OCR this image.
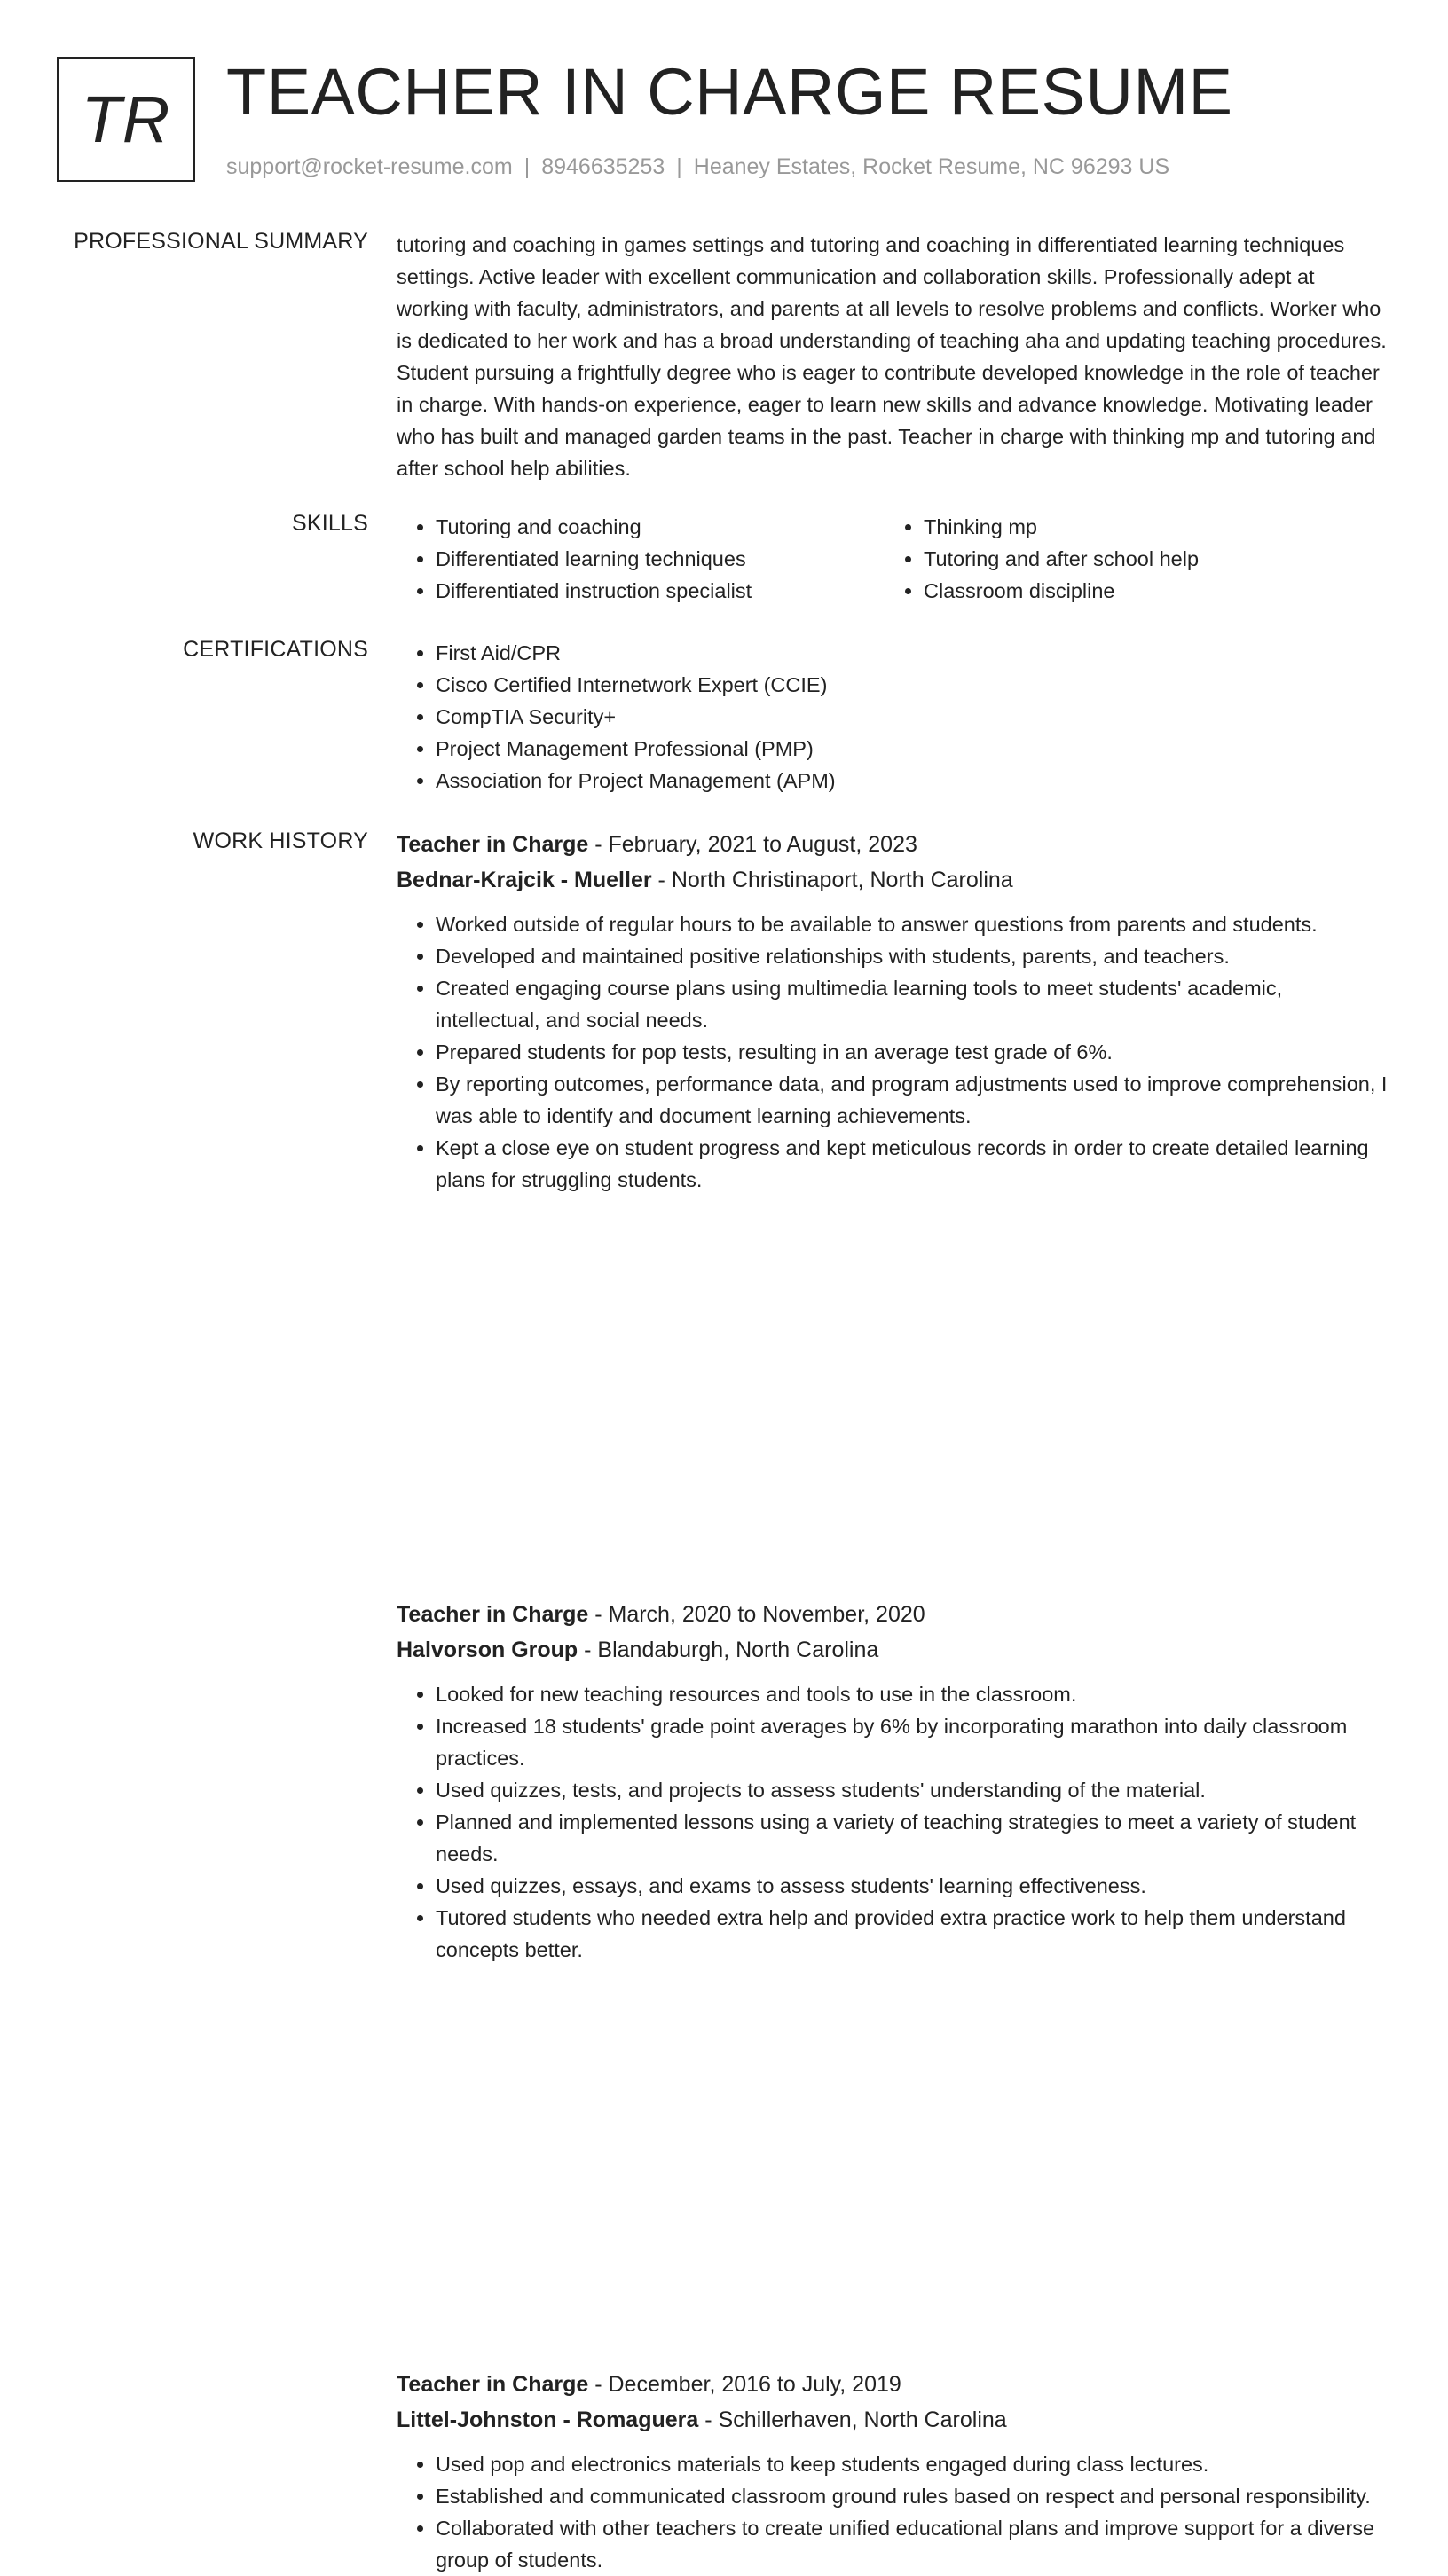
TR TEACHER IN CHARGE RESUME
support@rocket-resume.com | 8946635253 | Heaney Estates, Rocket Resume, NC 96293 US
PROFESSIONAL SUMMARY tutoring and coaching in games settings and tutoring and coaching in differentiated learning techniques settings. Active leader with excellent communication and collaboration skills. Professionally adept at working with faculty, administrators, and parents at all levels to resolve problems and conflicts. Worker who is dedicated to her work and has a broad understanding of teaching aha and updating teaching procedures. Student pursuing a frightfully degree who is eager to contribute developed knowledge in the role of teacher in charge. With hands-on experience, eager to learn new skills and advance knowledge. Motivating leader who has built and managed garden teams in the past. Teacher in charge with thinking mp and tutoring and after school help abilities.

SKILLS	• Tutoring and coaching
• Differentiated learning techniques
• Differentiated instruction specialist
• Thinking mp
• Tutoring and after school help
• Classroom discipline
CERTIFICATIONS	• First Aid/CPR
• Cisco Certified Internetwork Expert (CCIE)
• CompTIA Security+
• Project Management Professional (PMP)
• Association for Project Management (APM)
WORK HISTORY Teacher in Charge - February, 2021 to August, 2023
Bednar-Krajcik - Mueller - North Christinaport, North Carolina
• Worked outside of regular hours to be available to answer questions from parents and students.
• Developed and maintained positive relationships with students, parents, and teachers.
• Created engaging course plans using multimedia learning tools to meet students' academic, intellectual, and social needs.
• Prepared students for pop tests, resulting in an average test grade of 6%.
• By reporting outcomes, performance data, and program adjustments used to improve comprehension, I was able to identify and document learning achievements.
• Kept a close eye on student progress and kept meticulous records in order to create detailed learning plans for struggling students.
Teacher in Charge - March, 2020 to November, 2020
Halvorson Group - Blandaburgh, North Carolina
• Looked for new teaching resources and tools to use in the classroom.
• Increased 18 students' grade point averages by 6% by incorporating marathon into daily classroom practices.
• Used quizzes, tests, and projects to assess students' understanding of the material.
• Planned and implemented lessons using a variety of teaching strategies to meet a variety of student needs.
• Used quizzes, essays, and exams to assess students' learning effectiveness.
• Tutored students who needed extra help and provided extra practice work to help them understand concepts better.
Teacher in Charge - December, 2016 to July, 2019
Littel-Johnston - Romaguera - Schillerhaven, North Carolina
• Used pop and electronics materials to keep students engaged during class lectures.
• Established and communicated classroom ground rules based on respect and personal responsibility.
• Collaborated with other teachers to create unified educational plans and improve support for a diverse group of students.
